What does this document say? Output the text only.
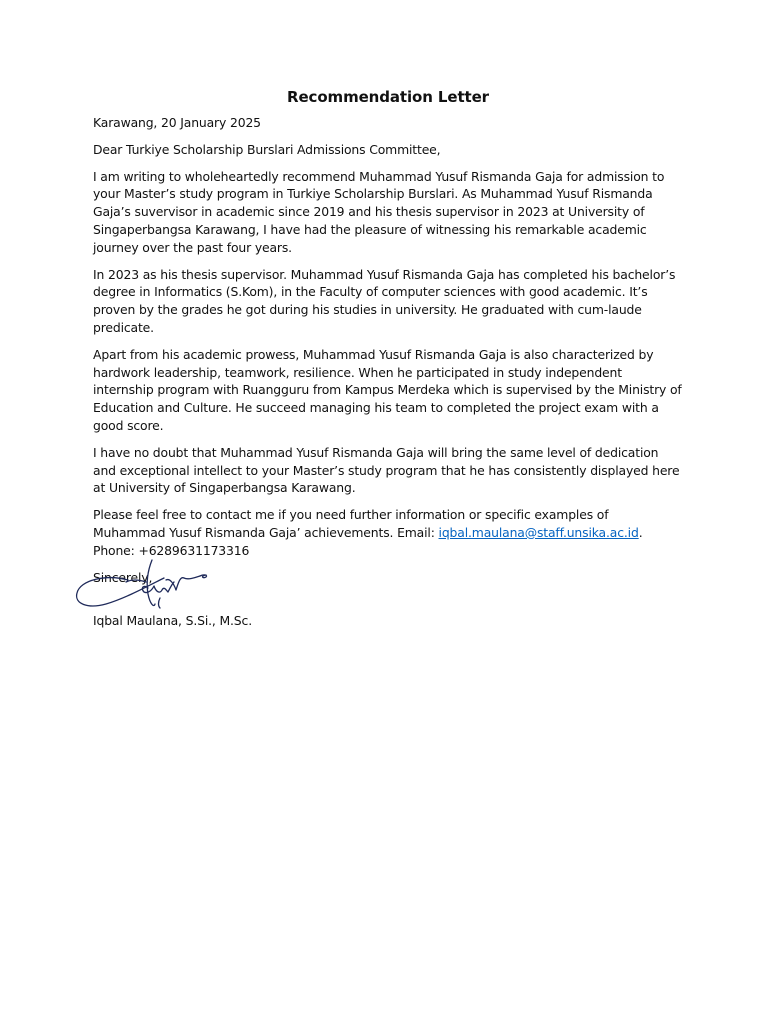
Recommendation Letter

Karawang, 20 January 2025

Dear Turkiye Scholarship Burslari Admissions Committee,

I am writing to wholeheartedly recommend Muhammad Yusuf Rismanda Gaja for admission to your Master’s study program in Turkiye Scholarship Burslari. As Muhammad Yusuf Rismanda Gaja’s suvervisor in academic since 2019 and his thesis supervisor in 2023 at University of Singaperbangsa Karawang, I have had the pleasure of witnessing his remarkable academic journey over the past four years.

In 2023 as his thesis supervisor. Muhammad Yusuf Rismanda Gaja has completed his bachelor’s degree in Informatics (S.Kom), in the Faculty of computer sciences with good academic. It’s proven by the grades he got during his studies in university. He graduated with cum-laude predicate.

Apart from his academic prowess, Muhammad Yusuf Rismanda Gaja is also characterized by hardwork leadership, teamwork, resilience. When he participated in study independent internship program with Ruangguru from Kampus Merdeka which is supervised by the Ministry of Education and Culture. He succeed managing his team to completed the project exam with a good score.

I have no doubt that Muhammad Yusuf Rismanda Gaja will bring the same level of dedication and exceptional intellect to your Master’s study program that he has consistently displayed here at University of Singaperbangsa Karawang.

Please feel free to contact me if you need further information or specific examples of Muhammad Yusuf Rismanda Gaja’ achievements. Email: iqbal.maulana@staff.unsika.ac.id.Phone: +6289631173316

Sincerely,

Iqbal Maulana, S.Si., M.Sc.
